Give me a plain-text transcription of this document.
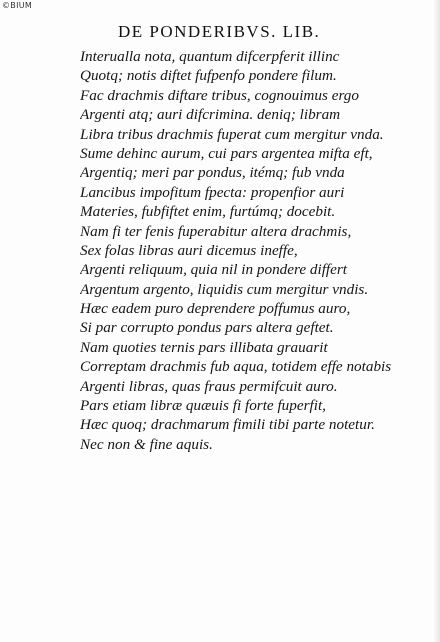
©BIUM
DE PONDERIBVS. LIB.
Interualla nota, quantum difcerpferit illinc
Quotq; notis diftet fufpenfo pondere filum.
Fac drachmis diftare tribus, cognouimus ergo
Argenti atq; auri difcrimina. deniq; libram
Libra tribus drachmis fuperat cum mergitur vnda.
Sume dehinc aurum, cui pars argentea mifta eft,
Argentiq; meri par pondus, itémq; fub vnda
Lancibus impofitum fpecta: propenfior auri
Materies, fubfiftet enim, furtúmq; docebit.
Nam fi ter fenis fuperabitur altera drachmis,
Sex folas libras auri dicemus ineffe,
Argenti reliquum, quia nil in pondere differt
Argentum argento, liquidis cum mergitur vndis.
Hæc eadem puro deprendere poffumus auro,
Si par corrupto pondus pars altera geftet.
Nam quoties ternis pars illibata grauarit
Correptam drachmis fub aqua, totidem effe notabis
Argenti libras, quas fraus permifcuit auro.
Pars etiam libræ quæuis fi forte fuperfit,
Hæc quoq; drachmarum fimili tibi parte notetur.
Nec non & fine aquis.
